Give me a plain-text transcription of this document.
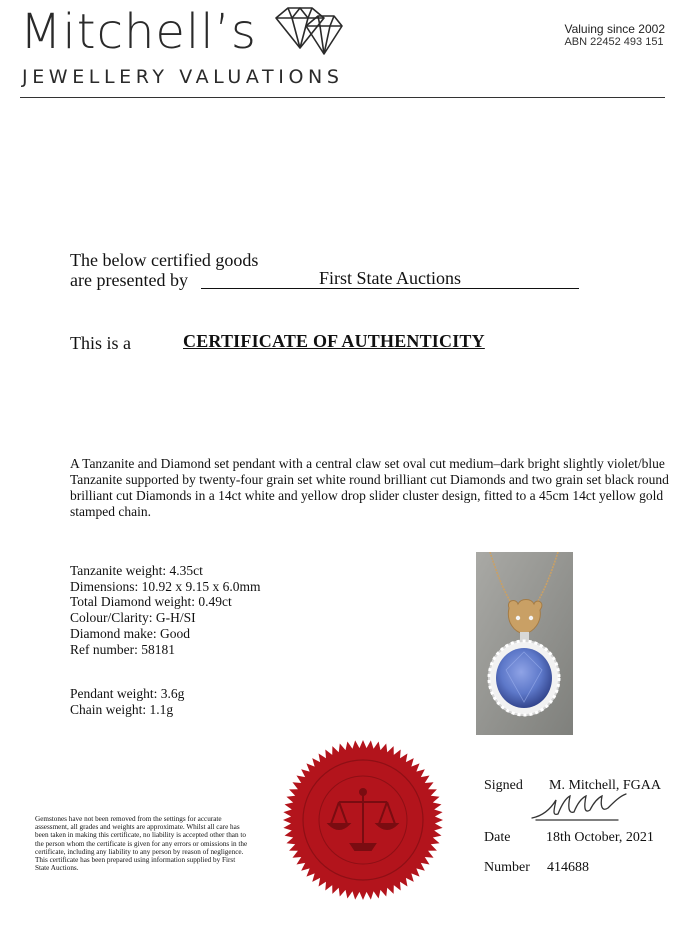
Mitchell’s
JEWELLERY VALUATIONS
Valuing since 2002
ABN 22452 493 151
The below certified goods
are presented by	First State Auctions
This is a	CERTIFICATE OF AUTHENTICITY
A Tanzanite and Diamond set pendant with a central claw set oval cut medium–dark bright slightly violet/blue Tanzanite supported by twenty-four grain set white round brilliant cut Diamonds and two grain set black round brilliant cut Diamonds in a 14ct white and yellow drop slider cluster design, fitted to a 45cm 14ct yellow gold stamped chain.
Tanzanite weight: 4.35ct
Dimensions: 10.92 x 9.15 x 6.0mm
Total Diamond weight: 0.49ct
Colour/Clarity: G-H/SI
Diamond make: Good
Ref number: 58181
Pendant weight: 3.6g
Chain weight: 1.1g
Gemstones have not been removed from the settings for accurate assessment, all grades and weights are approximate. Whilst all care has been taken in making this certificate, no liability is accepted other than to the person whom the certificate is given for any errors or omissions in the certificate, including any liability to any person by reason of negligence. This certificate has been prepared using information supplied by First State Auctions.
Signed M. Mitchell, FGAA
Date	18th October, 2021
Number 414688
